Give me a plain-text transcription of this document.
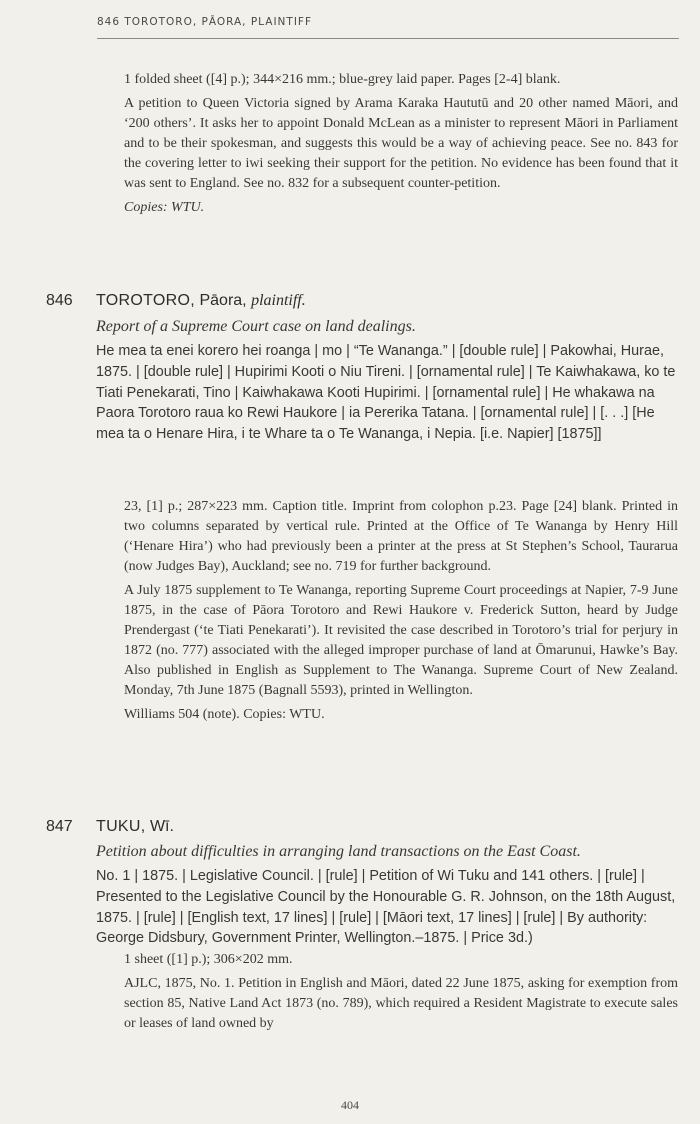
846 TOROTORO, PĀORA, PLAINTIFF

1 folded sheet ([4] p.); 344×216 mm.; blue-grey laid paper. Pages [2-4] blank.

A petition to Queen Victoria signed by Arama Karaka Haututū and 20 other named Māori, and ‘200 others’. It asks her to appoint Donald McLean as a minister to represent Māori in Parliament and to be their spokesman, and suggests this would be a way of achieving peace. See no. 843 for the covering letter to iwi seeking their support for the petition. No evidence has been found that it was sent to England. See no. 832 for a subsequent counter-petition.

Copies: WTU.

846 TOROTORO, Pāora, plaintiff.
Report of a Supreme Court case on land dealings.

He mea ta enei korero hei roanga | mo | “Te Wananga.” | [double rule] | Pakowhai, Hurae, 1875. | [double rule] | Hupirimi Kooti o Niu Tireni. | [ornamental rule] | Te Kaiwhakawa, ko te Tiati Penekarati, Tino | Kaiwhakawa Kooti Hupirimi. | [ornamental rule] | He whakawa na Paora Torotoro raua ko Rewi Haukore | ia Pererika Tatana. | [ornamental rule] | [. . .] [He mea ta o Henare Hira, i te Whare ta o Te Wananga, i Nepia. [i.e. Napier] [1875]]

23, [1] p.; 287×223 mm. Caption title. Imprint from colophon p.23. Page [24] blank. Printed in two columns separated by vertical rule. Printed at the Office of Te Wananga by Henry Hill (‘Henare Hira’) who had previously been a printer at the press at St Stephen’s School, Taurarua (now Judges Bay), Auckland; see no. 719 for further background.

A July 1875 supplement to Te Wananga, reporting Supreme Court proceedings at Napier, 7-9 June 1875, in the case of Pāora Torotoro and Rewi Haukore v. Frederick Sutton, heard by Judge Prendergast (‘te Tiati Penekarati’). It revisited the case described in Torotoro’s trial for perjury in 1872 (no. 777) associated with the alleged improper purchase of land at Ōmarunui, Hawke’s Bay. Also published in English as Supplement to The Wananga. Supreme Court of New Zealand. Monday, 7th June 1875 (Bagnall 5593), printed in Wellington.

Williams 504 (note). Copies: WTU.

847 TUKU, Wī.
Petition about difficulties in arranging land transactions on the East Coast.

No. 1 | 1875. | Legislative Council. | [rule] | Petition of Wi Tuku and 141 others. | [rule] | Presented to the Legislative Council by the Honourable G. R. Johnson, on the 18th August, 1875. | [rule] | [English text, 17 lines] | [rule] | [Māori text, 17 lines] | [rule] | By authority: George Didsbury, Government Printer, Wellington.–1875. | Price 3d.)

1 sheet ([1] p.); 306×202 mm.

AJLC, 1875, No. 1. Petition in English and Māori, dated 22 June 1875, asking for exemption from section 85, Native Land Act 1873 (no. 789), which required a Resident Magistrate to execute sales or leases of land owned by

404
